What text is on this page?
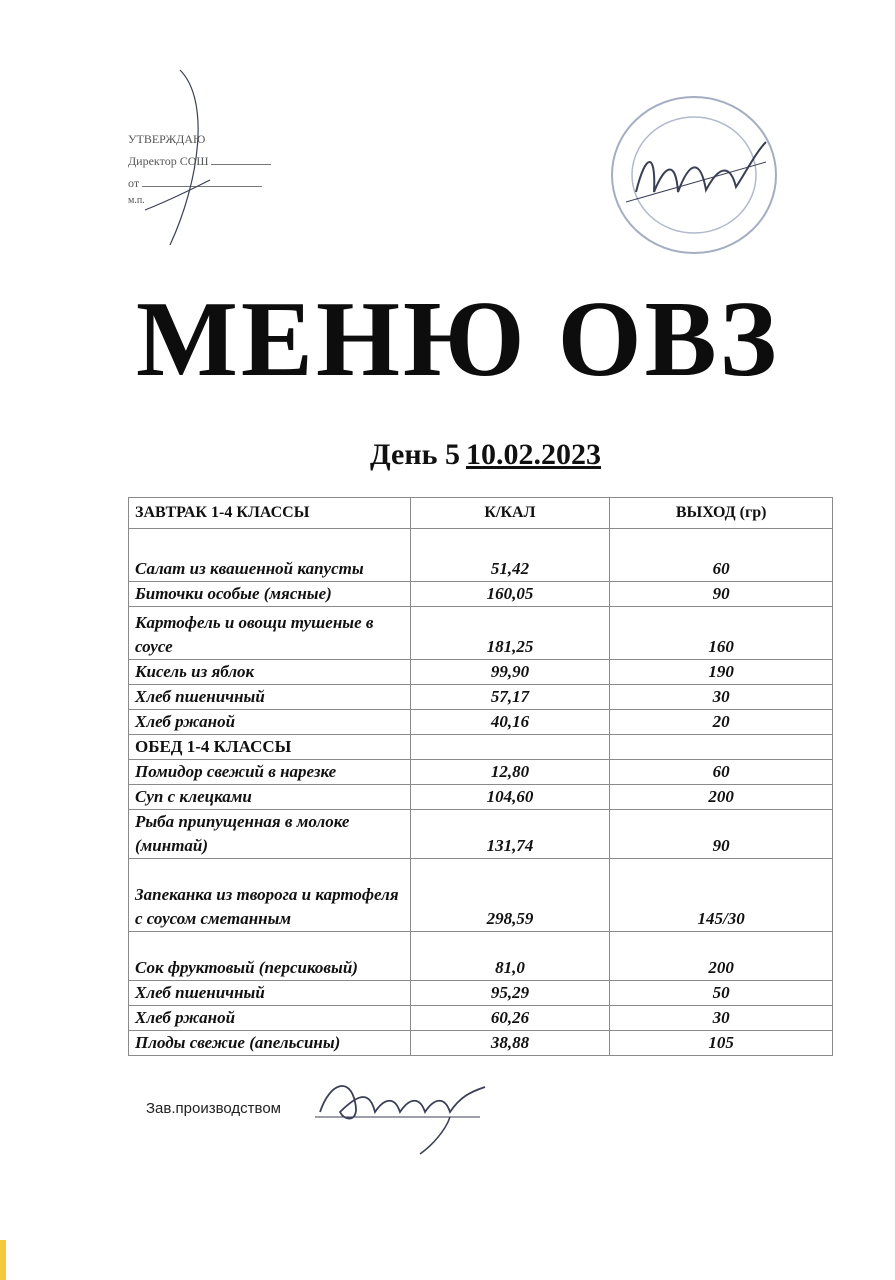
УТВЕРЖДАЮ
Директор СОШ
от
м.п.
МЕНЮ ОВЗ
День 5 10.02.2023
ЗАВТРАК 1-4 КЛАССЫ	К/КАЛ	ВЫХОД (гр)
Салат из квашенной капусты	51,42	60
Биточки особые (мясные)	160,05	90
Картофель и овощи тушеные в соусе	181,25	160
Кисель из яблок	99,90	190
Хлеб пшеничный	57,17	30
Хлеб ржаной	40,16	20
ОБЕД 1-4 КЛАССЫ		
Помидор свежий в нарезке	12,80	60
Суп с клецками	104,60	200
Рыба припущенная в молоке (минтай)	131,74	90
Запеканка из творога и картофеля с соусом сметанным	298,59	145/30
Сок фруктовый (персиковый)	81,0	200
Хлеб пшеничный	95,29	50
Хлеб ржаной	60,26	30
Плоды свежие (апельсины)	38,88	105
Зав.производством
